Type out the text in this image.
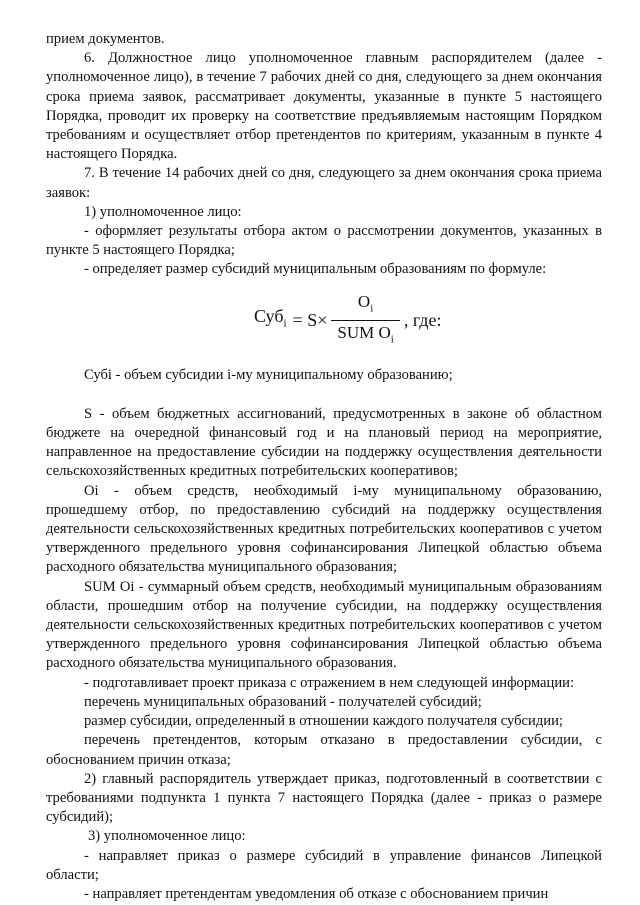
прием документов.

6. Должностное лицо уполномоченное главным распорядителем (далее - уполномоченное лицо), в течение 7 рабочих дней со дня, следующего за днем окончания срока приема заявок, рассматривает документы, указанные в пункте 5 настоящего Порядка, проводит их проверку на соответствие предъявляемым настоящим Порядком требованиям и осуществляет отбор претендентов по критериям, указанным в пункте 4 настоящего Порядка.

7. В течение 14 рабочих дней со дня, следующего за днем окончания срока приема заявок:

1) уполномоченное лицо:

- оформляет результаты отбора актом о рассмотрении документов, указанных в пункте 5 настоящего Порядка;

- определяет размер субсидий муниципальным образованиям по формуле:

$Суб_i = S \times \frac{O_i}{SUM O_i}$ , где:

Субi - объем субсидии i-му муниципальному образованию;

S - объем бюджетных ассигнований, предусмотренных в законе об областном бюджете на очередной финансовый год и на плановый период на мероприятие, направленное на предоставление субсидии на поддержку осуществления деятельности сельскохозяйственных кредитных потребительских кооперативов;

Oi - объем средств, необходимый i-му муниципальному образованию, прошедшему отбор, по предоставлению субсидий на поддержку осуществления деятельности сельскохозяйственных кредитных потребительских кооперативов с учетом утвержденного предельного уровня софинансирования Липецкой областью объема расходного обязательства муниципального образования;

SUM Oi - суммарный объем средств, необходимый муниципальным образованиям области, прошедшим отбор на получение субсидии, на поддержку осуществления деятельности сельскохозяйственных кредитных потребительских кооперативов с учетом утвержденного предельного уровня софинансирования Липецкой областью объема расходного обязательства муниципального образования.

- подготавливает проект приказа с отражением в нем следующей информации:

перечень муниципальных образований - получателей субсидий;

размер субсидии, определенный в отношении каждого получателя субсидии;

перечень претендентов, которым отказано в предоставлении субсидии, с обоснованием причин отказа;

2) главный распорядитель утверждает приказ, подготовленный в соответствии с требованиями подпункта 1 пункта 7 настоящего Порядка (далее - приказ о размере субсидий);

3) уполномоченное лицо:

- направляет приказ о размере субсидий в управление финансов Липецкой области;

- направляет претендентам уведомления об отказе с обоснованием причин
